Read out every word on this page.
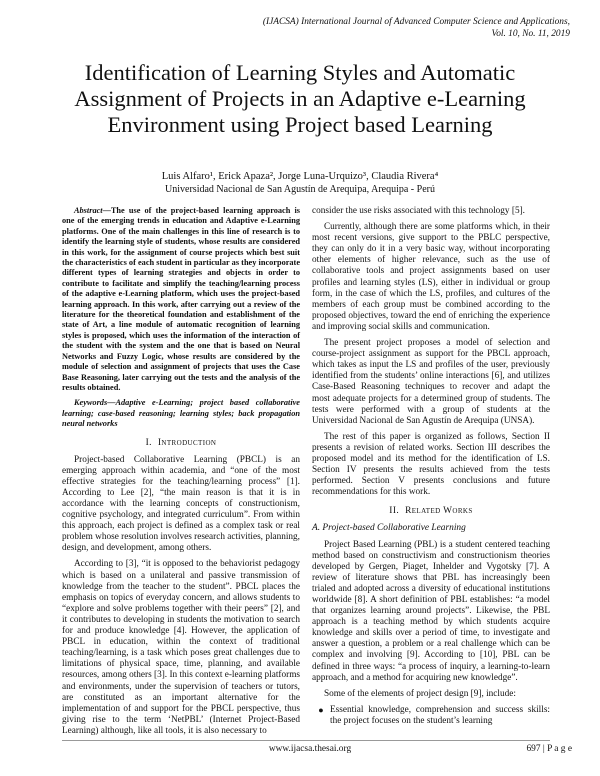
(IJACSA) International Journal of Advanced Computer Science and Applications,
Vol. 10, No. 11, 2019
Identification of Learning Styles and Automatic Assignment of Projects in an Adaptive e-Learning Environment using Project based Learning
Luis Alfaro¹, Erick Apaza², Jorge Luna-Urquizo³, Claudia Rivera⁴
Universidad Nacional de San Agustín de Arequipa, Arequipa - Perú

Abstract—The use of the project-based learning approach is one of the emerging trends in education and Adaptive e-Learning platforms. One of the main challenges in this line of research is to identify the learning style of students, whose results are considered in this work, for the assignment of course projects which best suit the characteristics of each student in particular as they incorporate different types of learning strategies and objects in order to contribute to facilitate and simplify the teaching/learning process of the adaptive e-Learning platform, which uses the project-based learning approach. In this work, after carrying out a review of the literature for the theoretical foundation and establishment of the state of Art, a line module of automatic recognition of learning styles is proposed, which uses the information of the interaction of the student with the system and the one that is based on Neural Networks and Fuzzy Logic, whose results are considered by the module of selection and assignment of projects that uses the Case Base Reasoning, later carrying out the tests and the analysis of the results obtained.

Keywords—Adaptive e-Learning; project based collaborative learning; case-based reasoning; learning styles; back propagation neural networks

I. Introduction

Project-based Collaborative Learning (PBCL) is an emerging approach within academia, and “one of the most effective strategies for the teaching/learning process” [1]. According to Lee [2], “the main reason is that it is in accordance with the learning concepts of constructionism, cognitive psychology, and integrated curriculum”. From within this approach, each project is defined as a complex task or real problem whose resolution involves research activities, planning, design, and development, among others.

According to [3], “it is opposed to the behaviorist pedagogy which is based on a unilateral and passive transmission of knowledge from the teacher to the student”. PBCL places the emphasis on topics of everyday concern, and allows students to “explore and solve problems together with their peers” [2], and it contributes to developing in students the motivation to search for and produce knowledge [4]. However, the application of PBCL in education, within the context of traditional teaching/learning, is a task which poses great challenges due to limitations of physical space, time, planning, and available resources, among others [3]. In this context e-learning platforms and environments, under the supervision of teachers or tutors, are constituted as an important alternative for the implementation of and support for the PBCL perspective, thus giving rise to the term ‘NetPBL’ (Internet Project-Based Learning) although, like all tools, it is also necessary to

consider the use risks associated with this technology [5].

Currently, although there are some platforms which, in their most recent versions, give support to the PBLC perspective, they can only do it in a very basic way, without incorporating other elements of higher relevance, such as the use of collaborative tools and project assignments based on user profiles and learning styles (LS), either in individual or group form, in the case of which the LS, profiles, and cultures of the members of each group must be combined according to the proposed objectives, toward the end of enriching the experience and improving social skills and communication.

The present project proposes a model of selection and course-project assignment as support for the PBCL approach, which takes as input the LS and profiles of the user, previously identified from the students’ online interactions [6], and utilizes Case-Based Reasoning techniques to recover and adapt the most adequate projects for a determined group of students. The tests were performed with a group of students at the Universidad Nacional de San Agustín de Arequipa (UNSA).

The rest of this paper is organized as follows, Section II presents a revision of related works. Section III describes the proposed model and its method for the identification of LS. Section IV presents the results achieved from the tests performed. Section V presents conclusions and future recommendations for this work.

II. Related Works
A. Project-based Collaborative Learning

Project Based Learning (PBL) is a student centered teaching method based on constructivism and constructionism theories developed by Gergen, Piaget, Inhelder and Vygotsky [7]. A review of literature shows that PBL has increasingly been trialed and adopted across a diversity of educational institutions worldwide [8]. A short definition of PBL establishes: “a model that organizes learning around projects”. Likewise, the PBL approach is a teaching method by which students acquire knowledge and skills over a period of time, to investigate and answer a question, a problem or a real challenge which can be complex and involving [9]. According to [10], PBL can be defined in three ways: “a process of inquiry, a learning-to-learn approach, and a method for acquiring new knowledge”.

Some of the elements of project design [9], include:

● Essential knowledge, comprehension and success skills: the project focuses on the student’s learning
www.ijacsa.thesai.org	697 | P a g e
